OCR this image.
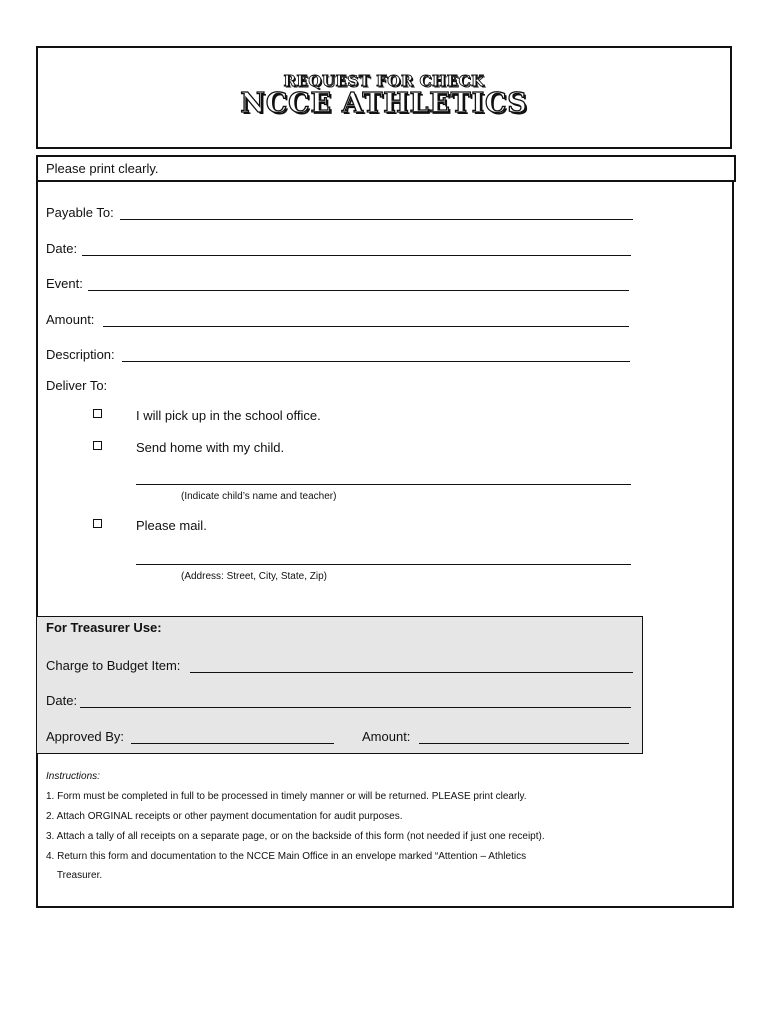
REQUEST FOR CHECK
NCCE ATHLETICS
Please print clearly.
Payable To:
Date:
Event:
Amount:
Description:
Deliver To:
I will pick up in the school office.
Send home with my child.
(Indicate child’s name and teacher)
Please mail.
(Address: Street, City, State, Zip)
For Treasurer Use:
Charge to Budget Item:
Date:
Approved By:	Amount:
Instructions:
1. Form must be completed in full to be processed in timely manner or will be returned. PLEASE print clearly.
2. Attach ORGINAL receipts or other payment documentation for audit purposes.
3. Attach a tally of all receipts on a separate page, or on the backside of this form (not needed if just one receipt).
4. Return this form and documentation to the NCCE Main Office in an envelope marked “Attention – Athletics
Treasurer.
